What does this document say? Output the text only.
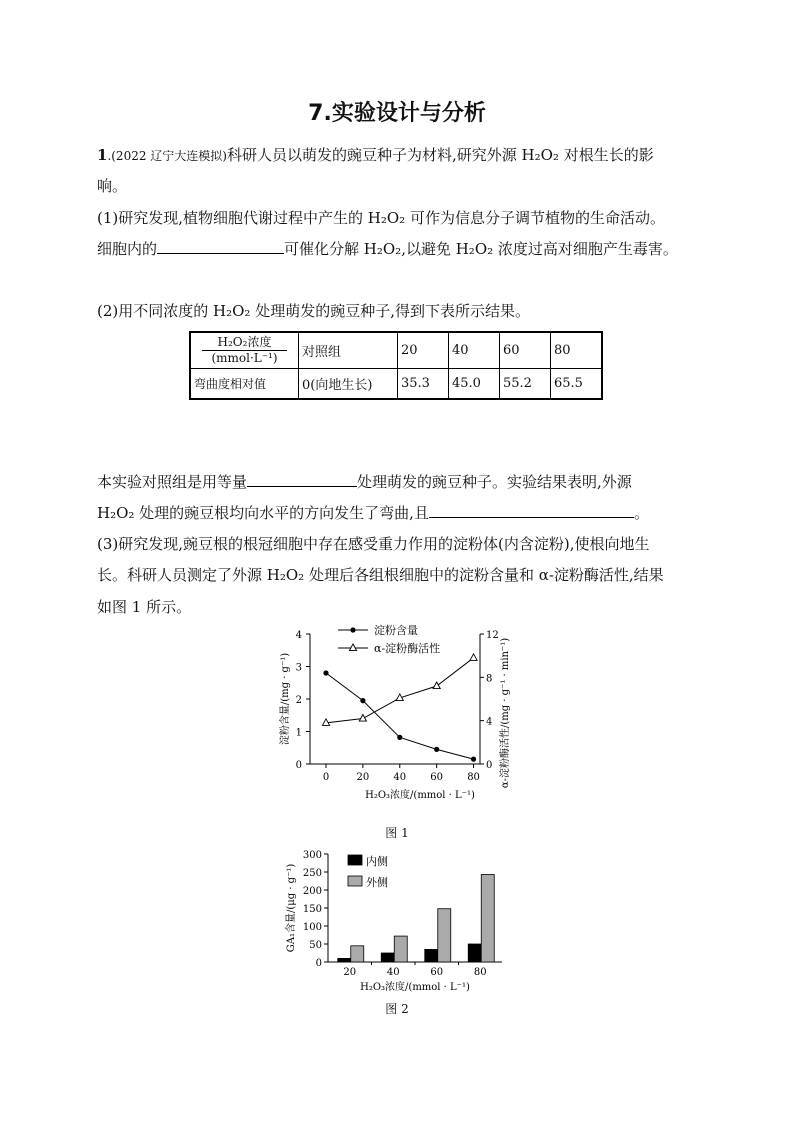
7.实验设计与分析
1.(2022 辽宁大连模拟)科研人员以萌发的豌豆种子为材料,研究外源 H₂O₂ 对根生长的影
响。
(1)研究发现,植物细胞代谢过程中产生的 H₂O₂ 可作为信息分子调节植物的生命活动。
细胞内的	可催化分解 H₂O₂,以避免 H₂O₂ 浓度过高对细胞产生毒害。
(2)用不同浓度的 H₂O₂ 处理萌发的豌豆种子,得到下表所示结果。
H₂O₂浓度
(mmol·L⁻¹)	对照组	20	40	60	80
弯曲度相对值	0(向地生长)	35.3	45.0	55.2	65.5
本实验对照组是用等量	处理萌发的豌豆种子。实验结果表明,外源
H₂O₂ 处理的豌豆根均向水平的方向发生了弯曲,且	。
(3)研究发现,豌豆根的根冠细胞中存在感受重力作用的淀粉体(内含淀粉),使根向地生
长。科研人员测定了外源 H₂O₂ 处理后各组根细胞中的淀粉含量和 α-淀粉酶活性,结果
如图 1 所示。
0
1
2
3
4
0
4
8
12
0	20 40 60 80
淀粉含量
α-淀粉酶活性
H₂O₃浓度/(mmol · L⁻¹)
淀粉含量/(mg · g⁻¹)	α-淀粉酶活性/(mg · g⁻¹ · min⁻¹)
图 1
0
50
100
150
200
250
300
20	40	60	80
内侧
外侧
H₂O₃浓度/(mmol · L⁻¹)
GA₁含量/(μg · g⁻¹)
图 2
